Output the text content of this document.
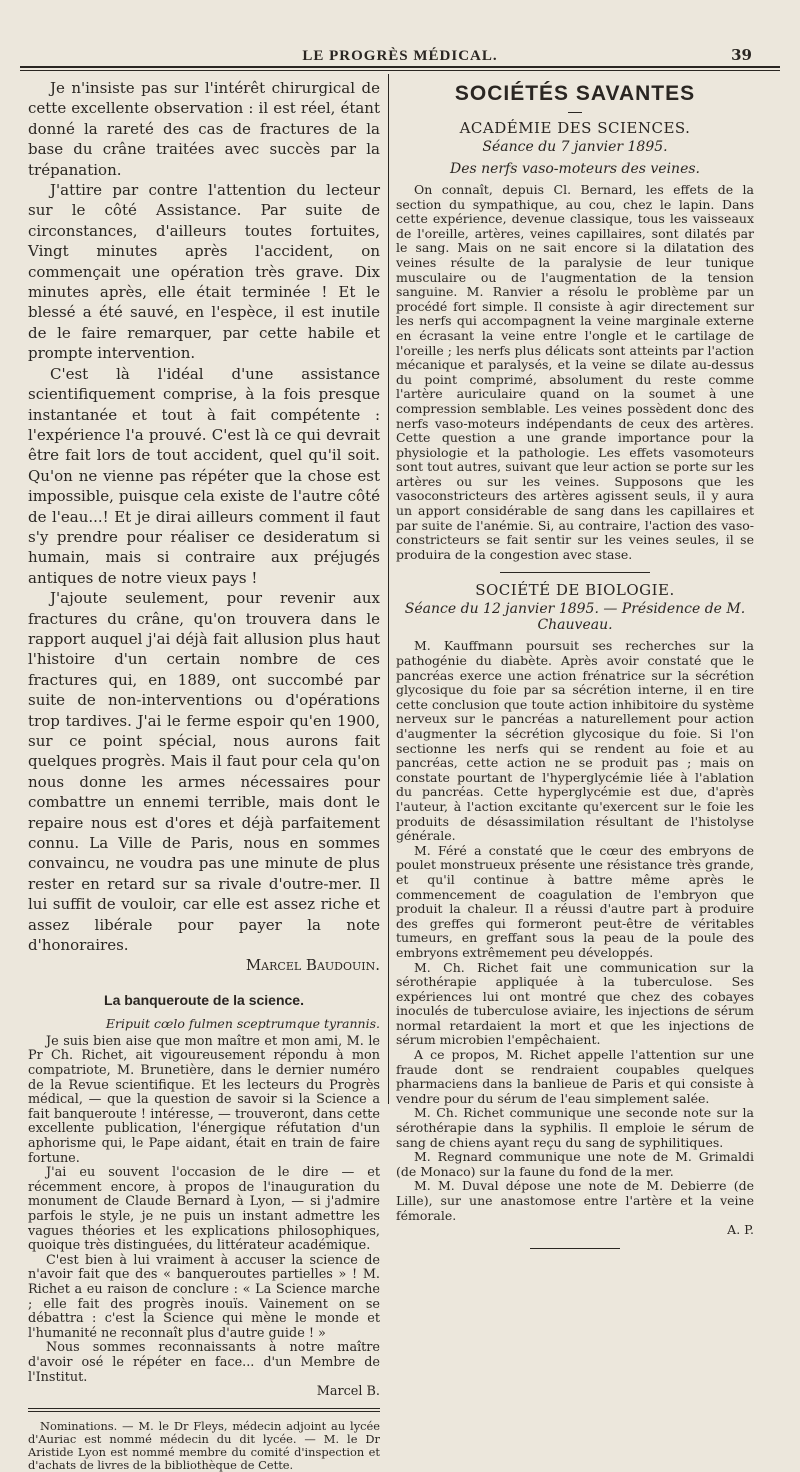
LE PROGRÈS MÉDICAL.	39

Je n'insiste pas sur l'intérêt chirurgical de cette excellente observation : il est réel, étant donné la rareté des cas de fractures de la base du crâne traitées avec succès par la trépanation.

J'attire par contre l'attention du lecteur sur le côté Assistance. Par suite de circonstances, d'ailleurs toutes fortuites, Vingt minutes après l'accident, on commençait une opération très grave. Dix minutes après, elle était terminée ! Et le blessé a été sauvé, en l'espèce, il est inutile de le faire remarquer, par cette habile et prompte intervention.

C'est là l'idéal d'une assistance scientifiquement comprise, à la fois presque instantanée et tout à fait compétente : l'expérience l'a prouvé. C'est là ce qui devrait être fait lors de tout accident, quel qu'il soit. Qu'on ne vienne pas répéter que la chose est impossible, puisque cela existe de l'autre côté de l'eau...! Et je dirai ailleurs comment il faut s'y prendre pour réaliser ce desideratum si humain, mais si contraire aux préjugés antiques de notre vieux pays !

J'ajoute seulement, pour revenir aux fractures du crâne, qu'on trouvera dans le rapport auquel j'ai déjà fait allusion plus haut l'histoire d'un certain nombre de ces fractures qui, en 1889, ont succombé par suite de non-interventions ou d'opérations trop tardives. J'ai le ferme espoir qu'en 1900, sur ce point spécial, nous aurons fait quelques progrès. Mais il faut pour cela qu'on nous donne les armes nécessaires pour combattre un ennemi terrible, mais dont le repaire nous est d'ores et déjà parfaitement connu. La Ville de Paris, nous en sommes convaincu, ne voudra pas une minute de plus rester en retard sur sa rivale d'outre-mer. Il lui suffit de vouloir, car elle est assez riche et assez libérale pour payer la note d'honoraires.

Marcel Baudouin.

La banqueroute de la science.
Eripuit cœlo fulmen sceptrumque tyrannis.

Je suis bien aise que mon maître et mon ami, M. le Pr Ch. Richet, ait vigoureusement répondu à mon compatriote, M. Brunetière, dans le dernier numéro de la Revue scientifique. Et les lecteurs du Progrès médical, — que la question de savoir si la Science a fait banqueroute ! intéresse, — trouveront, dans cette excellente publication, l'énergique réfutation d'un aphorisme qui, le Pape aidant, était en train de faire fortune.

J'ai eu souvent l'occasion de le dire — et récemment encore, à propos de l'inauguration du monument de Claude Bernard à Lyon, — si j'admire parfois le style, je ne puis un instant admettre les vagues théories et les explications philosophiques, quoique très distinguées, du littérateur académique.

C'est bien à lui vraiment à accuser la science de n'avoir fait que des « banqueroutes partielles » ! M. Richet a eu raison de conclure : « La Science marche ; elle fait des progrès inouïs. Vainement on se débattra : c'est la Science qui mène le monde et l'humanité ne reconnaît plus d'autre guide ! »

Nous sommes reconnaissants à notre maître d'avoir osé le répéter en face... d'un Membre de l'Institut.

Marcel B.

Nominations. — M. le Dr Fleys, médecin adjoint au lycée d'Auriac est nommé médecin du dit lycée. — M. le Dr Aristide Lyon est nommé membre du comité d'inspection et d'achats de livres de la bibliothèque de Cette.

SOCIÉTÉS SAVANTES
ACADÉMIE DES SCIENCES.
Séance du 7 janvier 1895.
Des nerfs vaso-moteurs des veines.

On connaît, depuis Cl. Bernard, les effets de la section du sympathique, au cou, chez le lapin. Dans cette expérience, devenue classique, tous les vaisseaux de l'oreille, artères, veines capillaires, sont dilatés par le sang. Mais on ne sait encore si la dilatation des veines résulte de la paralysie de leur tunique musculaire ou de l'augmentation de la tension sanguine. M. Ranvier a résolu le problème par un procédé fort simple. Il consiste à agir directement sur les nerfs qui accompagnent la veine marginale externe en écrasant la veine entre l'ongle et le cartilage de l'oreille ; les nerfs plus délicats sont atteints par l'action mécanique et paralysés, et la veine se dilate au-dessus du point comprimé, absolument du reste comme l'artère auriculaire quand on la soumet à une compression semblable. Les veines possèdent donc des nerfs vaso-moteurs indépendants de ceux des artères. Cette question a une grande importance pour la physiologie et la pathologie. Les effets vasomoteurs sont tout autres, suivant que leur action se porte sur les artères ou sur les veines. Supposons que les vasoconstricteurs des artères agissent seuls, il y aura un apport considérable de sang dans les capillaires et par suite de l'anémie. Si, au contraire, l'action des vaso-constricteurs se fait sentir sur les veines seules, il se produira de la congestion avec stase.

SOCIÉTÉ DE BIOLOGIE.
Séance du 12 janvier 1895. — Présidence de M. Chauveau.

M. Kauffmann poursuit ses recherches sur la pathogénie du diabète. Après avoir constaté que le pancréas exerce une action frénatrice sur la sécrétion glycosique du foie par sa sécrétion interne, il en tire cette conclusion que toute action inhibitoire du système nerveux sur le pancréas a naturellement pour action d'augmenter la sécrétion glycosique du foie. Si l'on sectionne les nerfs qui se rendent au foie et au pancréas, cette action ne se produit pas ; mais on constate pourtant de l'hyperglycémie liée à l'ablation du pancréas. Cette hyperglycémie est due, d'après l'auteur, à l'action excitante qu'exercent sur le foie les produits de désassimilation résultant de l'histolyse générale.

M. Féré a constaté que le cœur des embryons de poulet monstrueux présente une résistance très grande, et qu'il continue à battre même après le commencement de coagulation de l'embryon que produit la chaleur. Il a réussi d'autre part à produire des greffes qui formeront peut-être de véritables tumeurs, en greffant sous la peau de la poule des embryons extrêmement peu développés.

M. Ch. Richet fait une communication sur la sérothérapie appliquée à la tuberculose. Ses expériences lui ont montré que chez des cobayes inoculés de tuberculose aviaire, les injections de sérum normal retardaient la mort et que les injections de sérum microbien l'empêchaient.

A ce propos, M. Richet appelle l'attention sur une fraude dont se rendraient coupables quelques pharmaciens dans la banlieue de Paris et qui consiste à vendre pour du sérum de l'eau simplement salée.

M. Ch. Richet communique une seconde note sur la sérothérapie dans la syphilis. Il emploie le sérum de sang de chiens ayant reçu du sang de syphilitiques.

M. Regnard communique une note de M. Grimaldi (de Monaco) sur la faune du fond de la mer.

M. M. Duval dépose une note de M. Debierre (de Lille), sur une anastomose entre l'artère et la veine fémorale.

A. P.
